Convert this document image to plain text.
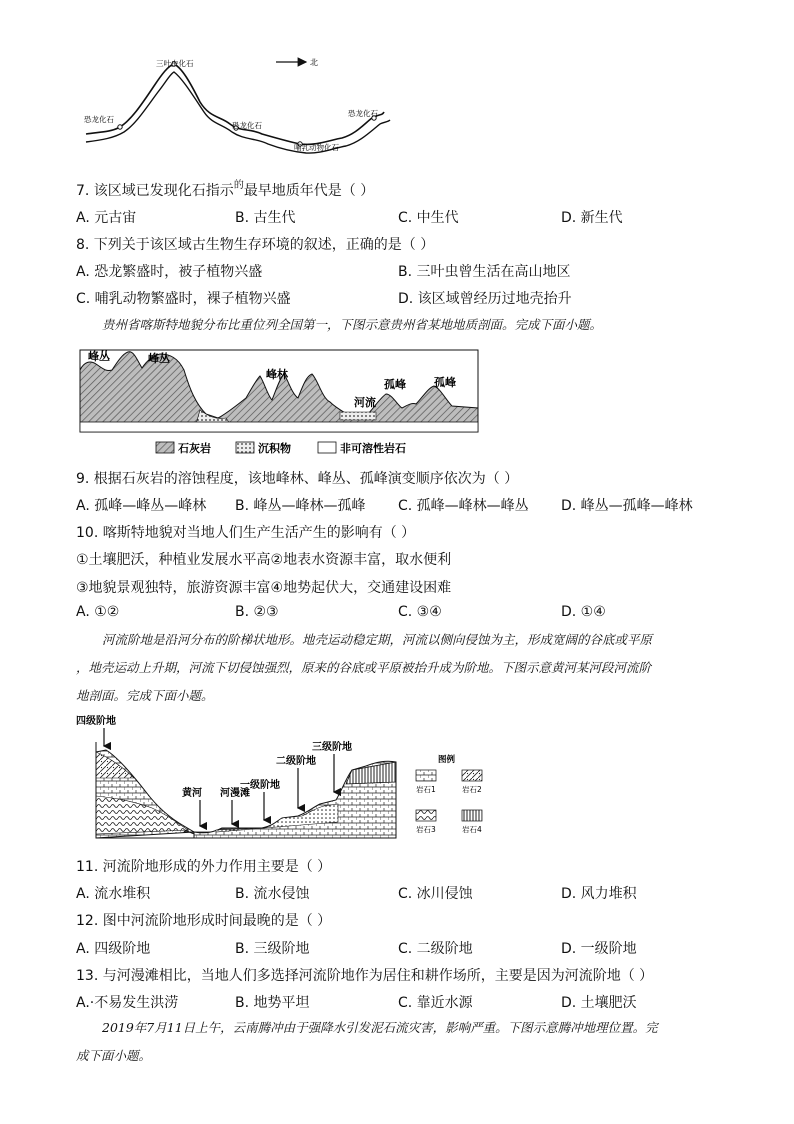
三叶虫化石
恐龙化石
恐龙化石
哺乳动物化石
恐龙化石
北
7. 该区域已发现化石指示$^的$最早地质年代是（ ）
A. 元古宙	B. 古生代	C. 中生代	D. 新生代
8. 下列关于该区域古生物生存环境的叙述，正确的是（ ）
A. 恐龙繁盛时，被子植物兴盛	B. 三叶虫曾生活在高山地区
C. 哺乳动物繁盛时，裸子植物兴盛	D. 该区域曾经历过地壳抬升
贵州省喀斯特地貌分布比重位列全国第一，下图示意贵州省某地地质剖面。完成下面小题。
峰丛	峰丛
峰林
河流
孤峰	孤峰
石灰岩	沉积物	非可溶性岩石
9. 根据石灰岩的溶蚀程度，该地峰林、峰丛、孤峰演变顺序依次为（ ）
A. 孤峰—峰丛—峰林 B. 峰丛—峰林—孤峰 C. 孤峰—峰林—峰丛 D. 峰丛—孤峰—峰林
10. 喀斯特地貌对当地人们生产生活产生的影响有（ ）
①土壤肥沃，种植业发展水平高②地表水资源丰富，取水便利
③地貌景观独特，旅游资源丰富④地势起伏大，交通建设困难
A. ①②	B. ②③	C. ③④	D. ①④
河流阶地是沿河分布的阶梯状地形。地壳运动稳定期，河流以侧向侵蚀为主，形成宽阔的谷底或平原
，地壳运动上升期，河流下切侵蚀强烈，原来的谷底或平原被抬升成为阶地。下图示意黄河某河段河流阶
地剖面。完成下面小题。
四级阶地
三级阶地
二级阶地
一级阶地
河漫滩
黄河
图例
岩石1	岩石2
岩石3	岩石4
11. 河流阶地形成的外力作用主要是（ ）
A. 流水堆积	B. 流水侵蚀	C. 冰川侵蚀	D. 风力堆积
12. 图中河流阶地形成时间最晚的是（ ）
A. 四级阶地	B. 三级阶地	C. 二级阶地	D. 一级阶地
13. 与河漫滩相比，当地人们多选择河流阶地作为居住和耕作场所，主要是因为河流阶地（ ）
A.·不易发生洪涝	B. 地势平坦	C. 靠近水源	D. 土壤肥沃
2019年7月11日上午，云南腾冲由于强降水引发泥石流灾害，影响严重。下图示意腾冲地理位置。完
成下面小题。
